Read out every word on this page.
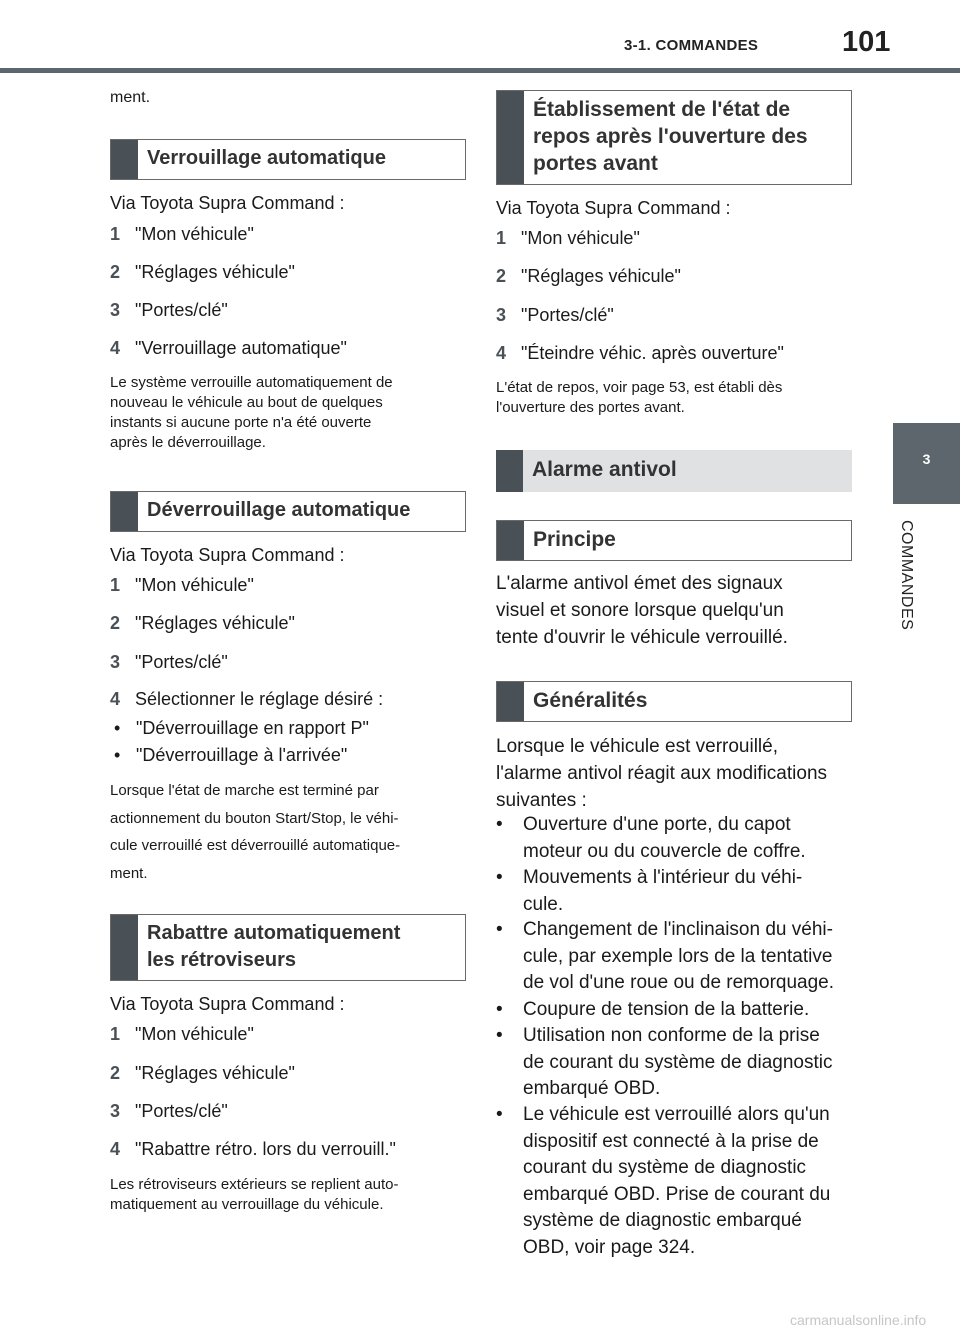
3-1. COMMANDES	101
3
COMMANDES
ment.
Verrouillage automatique
Via Toyota Supra Command :
1 "Mon véhicule"
2 "Réglages véhicule"
3 "Portes/clé"
4 "Verrouillage automatique"
Le système verrouille automatiquement de
nouveau le véhicule au bout de quelques
instants si aucune porte n'a été ouverte
après le déverrouillage.
Déverrouillage automatique
Via Toyota Supra Command :
1 "Mon véhicule"
2 "Réglages véhicule"
3 "Portes/clé"
4 Sélectionner le réglage désiré :
• "Déverrouillage en rapport P"
• "Déverrouillage à l'arrivée"
Lorsque l'état de marche est terminé par
actionnement du bouton Start/Stop, le véhi-
cule verrouillé est déverrouillé automatique-
ment.
Rabattre automatiquement
les rétroviseurs
Via Toyota Supra Command :
1 "Mon véhicule"
2 "Réglages véhicule"
3 "Portes/clé"
4 "Rabattre rétro. lors du verrouill."
Les rétroviseurs extérieurs se replient auto-
matiquement au verrouillage du véhicule.
Établissement de l'état de
repos après l'ouverture des
portes avant
Via Toyota Supra Command :
1 "Mon véhicule"
2 "Réglages véhicule"
3 "Portes/clé"
4 "Éteindre véhic. après ouverture"
L'état de repos, voir page 53, est établi dès
l'ouverture des portes avant.
Alarme antivol
Principe
L'alarme antivol émet des signaux
visuel et sonore lorsque quelqu'un
tente d'ouvrir le véhicule verrouillé.
Généralités
Lorsque le véhicule est verrouillé,
l'alarme antivol réagit aux modifications
suivantes :
• Ouverture d'une porte, du capot
moteur ou du couvercle de coffre.
• Mouvements à l'intérieur du véhi-
cule.
• Changement de l'inclinaison du véhi-
cule, par exemple lors de la tentative
de vol d'une roue ou de remorquage.
• Coupure de tension de la batterie.
• Utilisation non conforme de la prise
de courant du système de diagnostic
embarqué OBD.
• Le véhicule est verrouillé alors qu'un
dispositif est connecté à la prise de
courant du système de diagnostic
embarqué OBD. Prise de courant du
système de diagnostic embarqué
OBD, voir page 324.
carmanualsonline.info
